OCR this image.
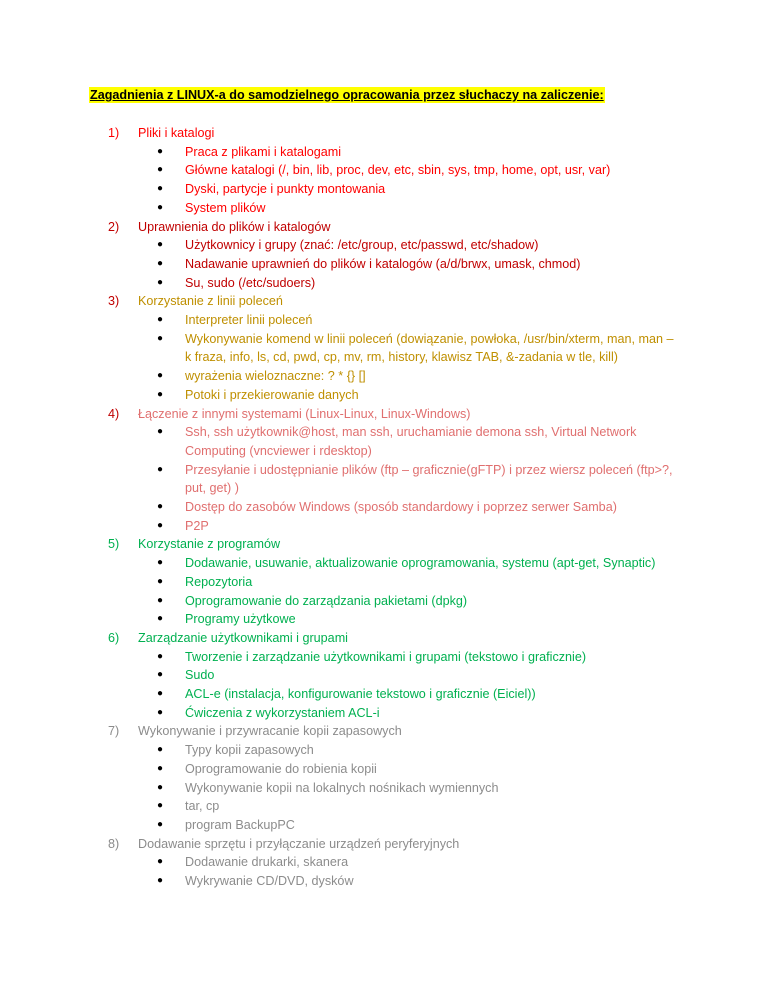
Zagadnienia z LINUX-a do samodzielnego opracowania przez słuchaczy na zaliczenie:
1) Pliki i katalogi
● Praca z plikami i katalogami
● Główne katalogi (/, bin, lib, proc, dev, etc, sbin, sys, tmp, home, opt, usr, var)
● Dyski, partycje i punkty montowania
● System plików
2) Uprawnienia do plików i katalogów
● Użytkownicy i grupy (znać: /etc/group, etc/passwd, etc/shadow)
● Nadawanie uprawnień do plików i katalogów (a/d/brwx, umask, chmod)
● Su, sudo (/etc/sudoers)
3) Korzystanie z linii poleceń
● Interpreter linii poleceń
● Wykonywanie komend w linii poleceń (dowiązanie, powłoka, /usr/bin/xterm, man, man –k fraza, info, ls, cd, pwd, cp, mv, rm, history, klawisz TAB, &-zadania w tle, kill)
● wyrażenia wieloznaczne: ? * {} []
● Potoki i przekierowanie danych
4) Łączenie z innymi systemami (Linux-Linux, Linux-Windows)
● Ssh, ssh użytkownik@host, man ssh, uruchamianie demona ssh, Virtual Network Computing (vncviewer i rdesktop)
● Przesyłanie i udostępnianie plików (ftp – graficznie(gFTP) i przez wiersz poleceń (ftp>?, put, get) )
● Dostęp do zasobów Windows (sposób standardowy i poprzez serwer Samba)
● P2P
5) Korzystanie z programów
● Dodawanie, usuwanie, aktualizowanie oprogramowania, systemu (apt-get, Synaptic)
● Repozytoria
● Oprogramowanie do zarządzania pakietami (dpkg)
● Programy użytkowe
6) Zarządzanie użytkownikami i grupami
● Tworzenie i zarządzanie użytkownikami i grupami (tekstowo i graficznie)
● Sudo
● ACL-e (instalacja, konfigurowanie tekstowo i graficznie (Eiciel))
● Ćwiczenia z wykorzystaniem ACL-i
7) Wykonywanie i przywracanie kopii zapasowych
● Typy kopii zapasowych
● Oprogramowanie do robienia kopii
● Wykonywanie kopii na lokalnych nośnikach wymiennych
● tar, cp
● program BackupPC
8) Dodawanie sprzętu i przyłączanie urządzeń peryferyjnych
● Dodawanie drukarki, skanera
● Wykrywanie CD/DVD, dysków
